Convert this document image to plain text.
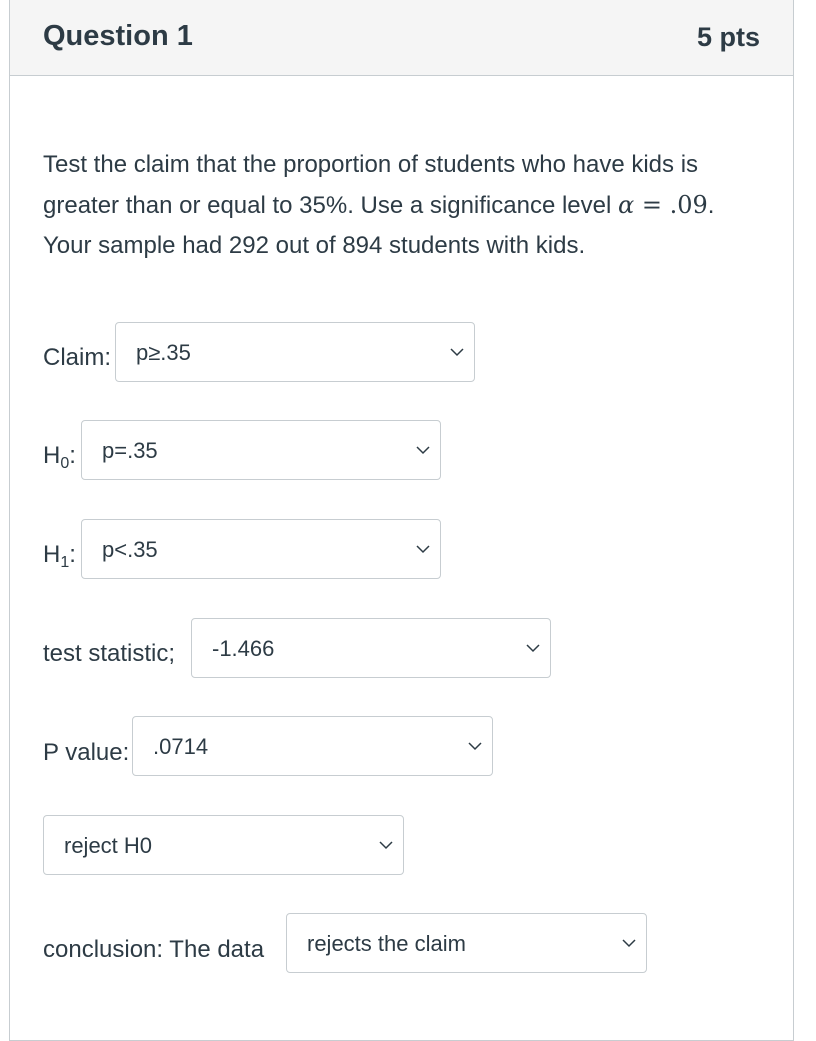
Question 1	5 pts
Test the claim that the proportion of students who have kids is greater than or equal to 35%. Use a significance level α = .09. Your sample had 292 out of 894 students with kids.
Claim: p≥.35
$H_0$: p=.35
$H_1$: p<.35
test statistic; -1.466
P value: .0714
reject H0
conclusion: The data rejects the claim
